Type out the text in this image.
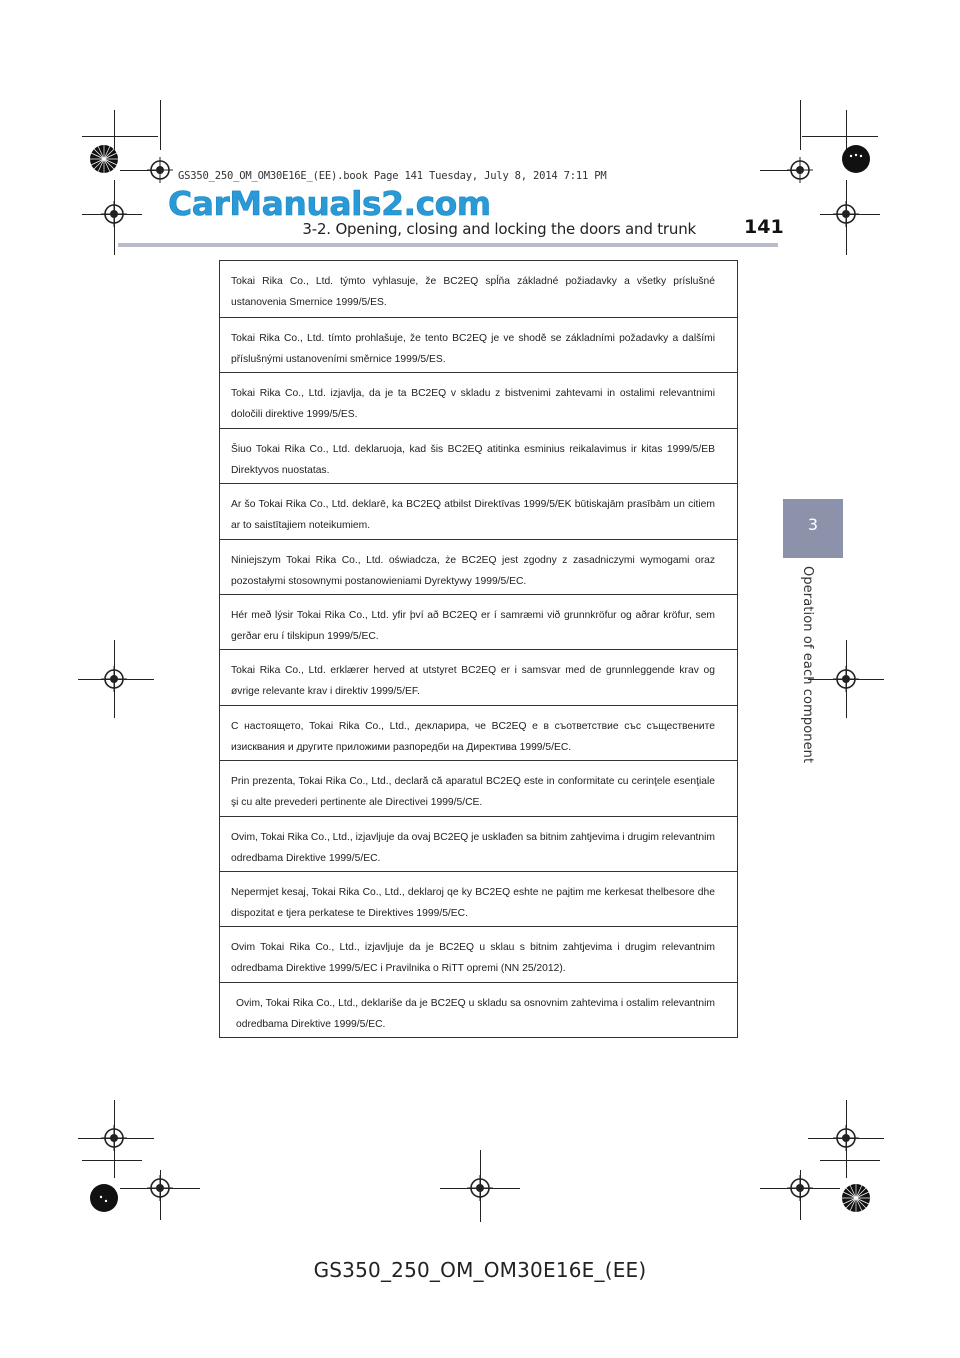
GS350_250_OM_OM30E16E_(EE).book Page 141 Tuesday, July 8, 2014 7:11 PM
CarManuals2.com
3-2. Opening, closing and locking the doors and trunk	141
3
Operation of each component
Tokai Rika Co., Ltd. týmto vyhlasuje, že BC2EQ spĺňa základné požiadavky a všetky príslušné ustanovenia Smernice 1999/5/ES.
Tokai Rika Co., Ltd. tímto prohlašuje, že tento BC2EQ je ve shodě se základními požadavky a dalšími příslušnými ustanoveními směrnice 1999/5/ES.
Tokai Rika Co., Ltd. izjavlja, da je ta BC2EQ v skladu z bistvenimi zahtevami in ostalimi relevantnimi določili direktive 1999/5/ES.
Šiuo Tokai Rika Co., Ltd. deklaruoja, kad šis BC2EQ atitinka esminius reikalavimus ir kitas 1999/5/EB Direktyvos nuostatas.
Ar šo Tokai Rika Co., Ltd. deklarē, ka BC2EQ atbilst Direktīvas 1999/5/EK būtiskajām prasībām un citiem ar to saistītajiem noteikumiem.
Niniejszym Tokai Rika Co., Ltd. oświadcza, że BC2EQ jest zgodny z zasadniczymi wymogami oraz pozostałymi stosownymi postanowieniami Dyrektywy 1999/5/EC.
Hér með lýsir Tokai Rika Co., Ltd. yfir því að BC2EQ er í samræmi við grunnkröfur og aðrar kröfur, sem gerðar eru í tilskipun 1999/5/EC.
Tokai Rika Co., Ltd. erklærer herved at utstyret BC2EQ er i samsvar med de grunnleggende krav og øvrige relevante krav i direktiv 1999/5/EF.
С настоящето, Tokai Rika Co., Ltd., декларира, че BC2EQ е в съответствие със съществените изисквания и другите приложими разпоредби на Директива 1999/5/EC.
Prin prezenta, Tokai Rika Co., Ltd., declară că aparatul BC2EQ este in conformitate cu cerinţele esenţiale şi cu alte prevederi pertinente ale Directivei 1999/5/CE.
Ovim, Tokai Rika Co., Ltd., izjavljuje da ovaj BC2EQ je usklađen sa bitnim zahtjevima i drugim relevantnim odredbama Direktive 1999/5/EC.
Nepermjet kesaj, Tokai Rika Co., Ltd., deklaroj qe ky BC2EQ eshte ne pajtim me kerkesat thelbesore dhe dispozitat e tjera perkatese te Direktives 1999/5/EC.
Ovim Tokai Rika Co., Ltd., izjavljuje da je BC2EQ u sklau s bitnim zahtjevima i drugim relevantnim odredbama Direktive 1999/5/EC i Pravilnika o RiTT opremi (NN 25/2012).
Ovim, Tokai Rika Co., Ltd., deklariše da je BC2EQ u skladu sa osnovnim zahtevima i ostalim relevantnim odredbama Direktive 1999/5/EC.
GS350_250_OM_OM30E16E_(EE)
